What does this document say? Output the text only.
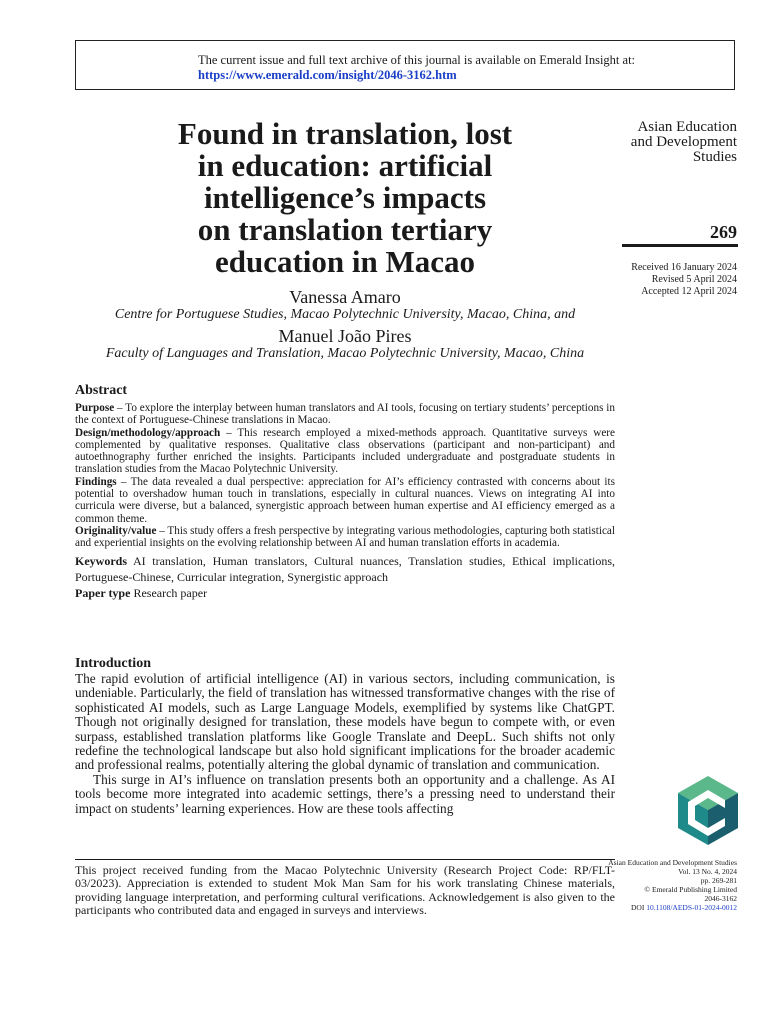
The current issue and full text archive of this journal is available on Emerald Insight at:
https://www.emerald.com/insight/2046-3162.htm
Found in translation, lost
in education: artificial
intelligence’s impacts
on translation tertiary
education in Macao
Asian Education
and Development
Studies
269
Received 16 January 2024
Revised 5 April 2024
Accepted 12 April 2024
Vanessa Amaro
Centre for Portuguese Studies, Macao Polytechnic University, Macao, China, and
Manuel João Pires
Faculty of Languages and Translation, Macao Polytechnic University, Macao, China
Abstract

Purpose – To explore the interplay between human translators and AI tools, focusing on tertiary students’ perceptions in the context of Portuguese-Chinese translations in Macao.

Design/methodology/approach – This research employed a mixed-methods approach. Quantitative surveys were complemented by qualitative responses. Qualitative class observations (participant and non-participant) and autoethnography further enriched the insights. Participants included undergraduate and postgraduate students in translation studies from the Macao Polytechnic University.

Findings – The data revealed a dual perspective: appreciation for AI’s efficiency contrasted with concerns about its potential to overshadow human touch in translations, especially in cultural nuances. Views on integrating AI into curricula were diverse, but a balanced, synergistic approach between human expertise and AI efficiency emerged as a common theme.

Originality/value – This study offers a fresh perspective by integrating various methodologies, capturing both statistical and experiential insights on the evolving relationship between AI and human translation efforts in academia.

Keywords AI translation, Human translators, Cultural nuances, Translation studies, Ethical implications, Portuguese-Chinese, Curricular integration, Synergistic approach

Paper type Research paper

Introduction

The rapid evolution of artificial intelligence (AI) in various sectors, including communication, is undeniable. Particularly, the field of translation has witnessed transformative changes with the rise of sophisticated AI models, such as Large Language Models, exemplified by systems like ChatGPT. Though not originally designed for translation, these models have begun to compete with, or even surpass, established translation platforms like Google Translate and DeepL. Such shifts not only redefine the technological landscape but also hold significant implications for the broader academic and professional realms, potentially altering the global dynamic of translation and communication.

This surge in AI’s influence on translation presents both an opportunity and a challenge. As AI tools become more integrated into academic settings, there’s a pressing need to understand their impact on students’ learning experiences. How are these tools affecting

This project received funding from the Macao Polytechnic University (Research Project Code: RP/FLT-03/2023). Appreciation is extended to student Mok Man Sam for his work translating Chinese materials, providing language interpretation, and performing cultural verifications. Acknowledgement is also given to the participants who contributed data and engaged in surveys and interviews.
Asian Education and Development Studies
Vol. 13 No. 4, 2024
pp. 269-281
© Emerald Publishing Limited
2046-3162
DOI 10.1108/AEDS-01-2024-0012
